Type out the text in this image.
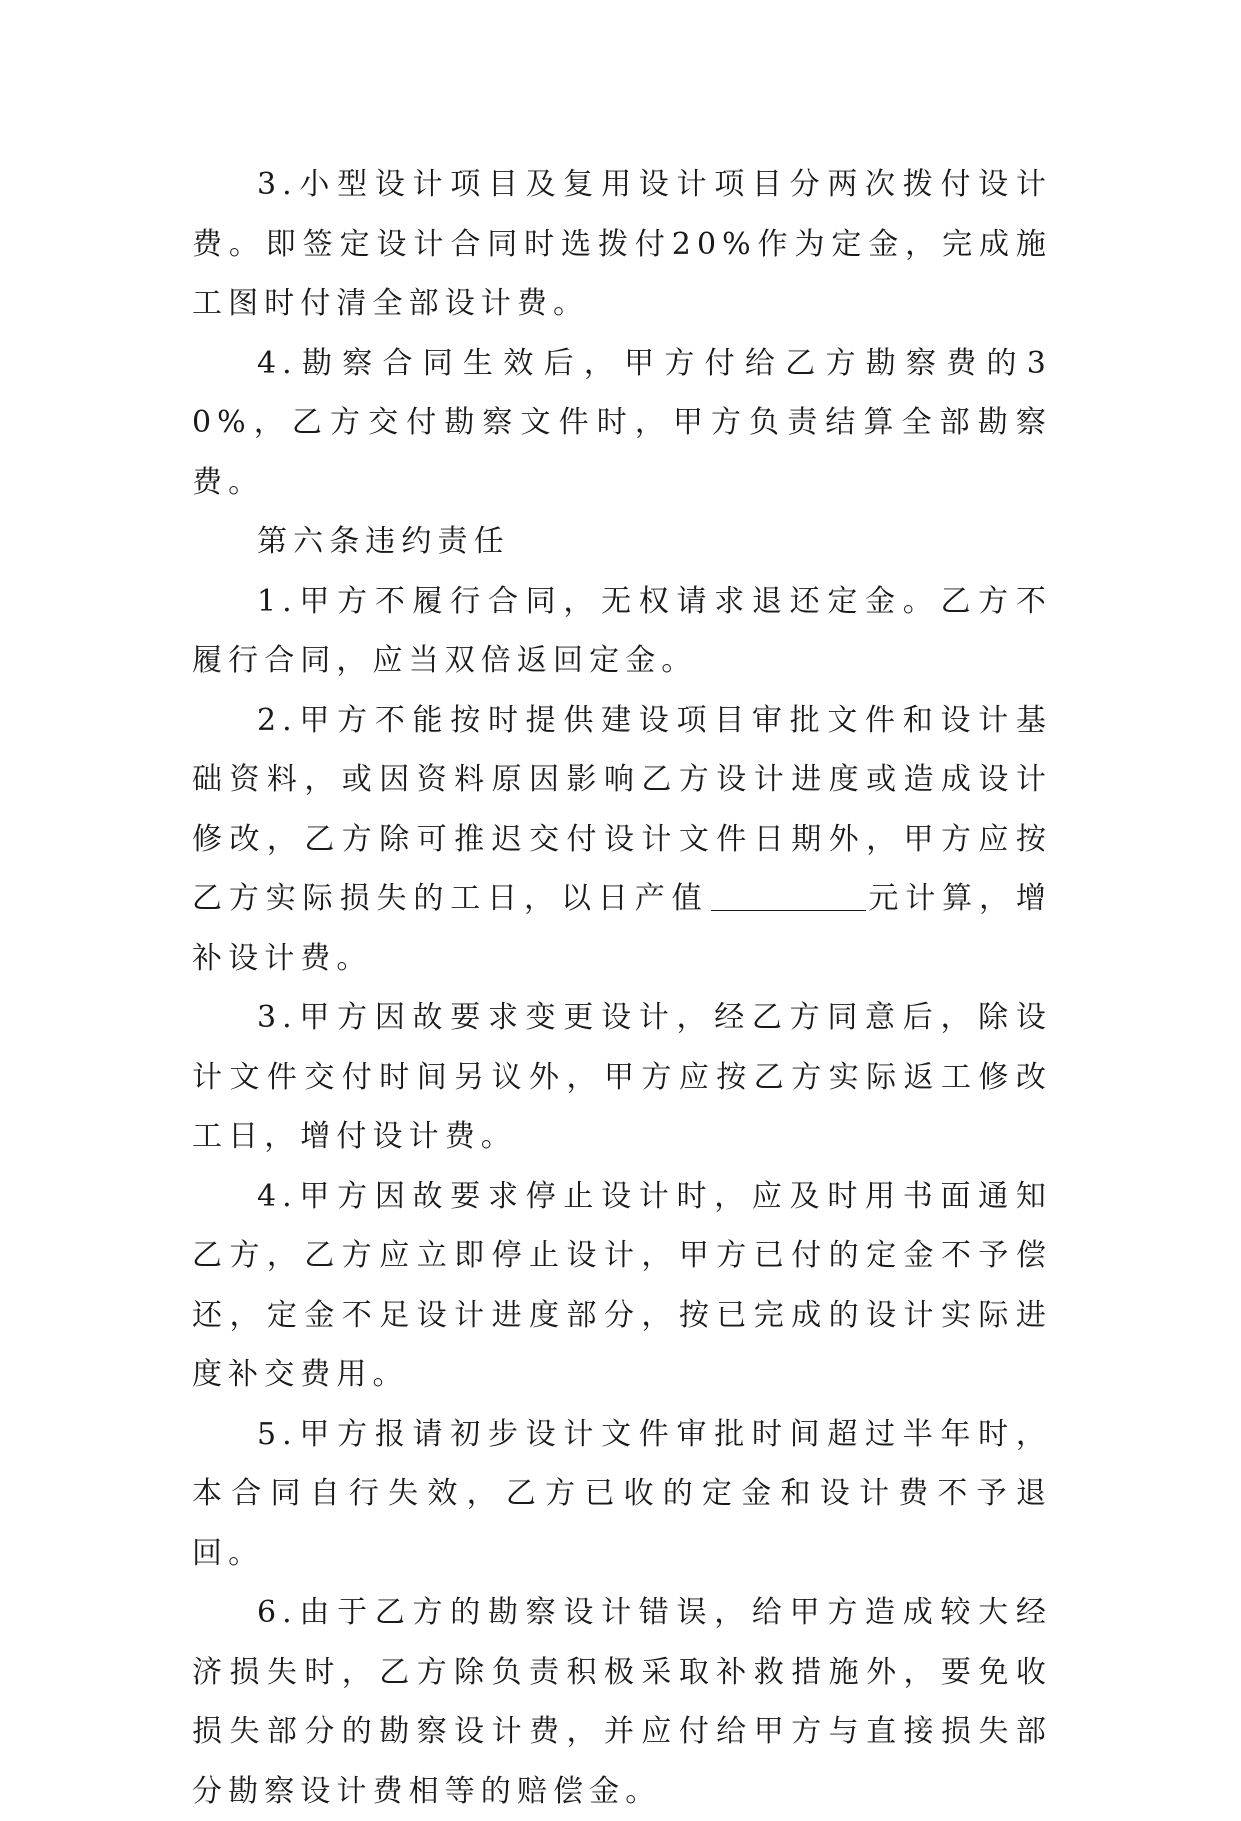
3.小型设计项目及复用设计项目分两次拨付设计费。即签定设计合同时选拨付20%作为定金，完成施工图时付清全部设计费。

4.勘察合同生效后，甲方付给乙方勘察费的30%，乙方交付勘察文件时，甲方负责结算全部勘察费。

第六条违约责任

1.甲方不履行合同，无权请求退还定金。乙方不履行合同，应当双倍返回定金。

2.甲方不能按时提供建设项目审批文件和设计基础资料，或因资料原因影响乙方设计进度或造成设计修改，乙方除可推迟交付设计文件日期外，甲方应按乙方实际损失的工日，以日产值	元计算，增补设计费。

3.甲方因故要求变更设计，经乙方同意后，除设计文件交付时间另议外，甲方应按乙方实际返工修改工日，增付设计费。

4.甲方因故要求停止设计时，应及时用书面通知乙方，乙方应立即停止设计，甲方已付的定金不予偿还，定金不足设计进度部分，按已完成的设计实际进度补交费用。

5.甲方报请初步设计文件审批时间超过半年时，本合同自行失效，乙方已收的定金和设计费不予退回。

6.由于乙方的勘察设计错误，给甲方造成较大经济损失时，乙方除负责积极采取补救措施外，要免收损失部分的勘察设计费，并应付给甲方与直接损失部分勘察设计费相等的赔偿金。
